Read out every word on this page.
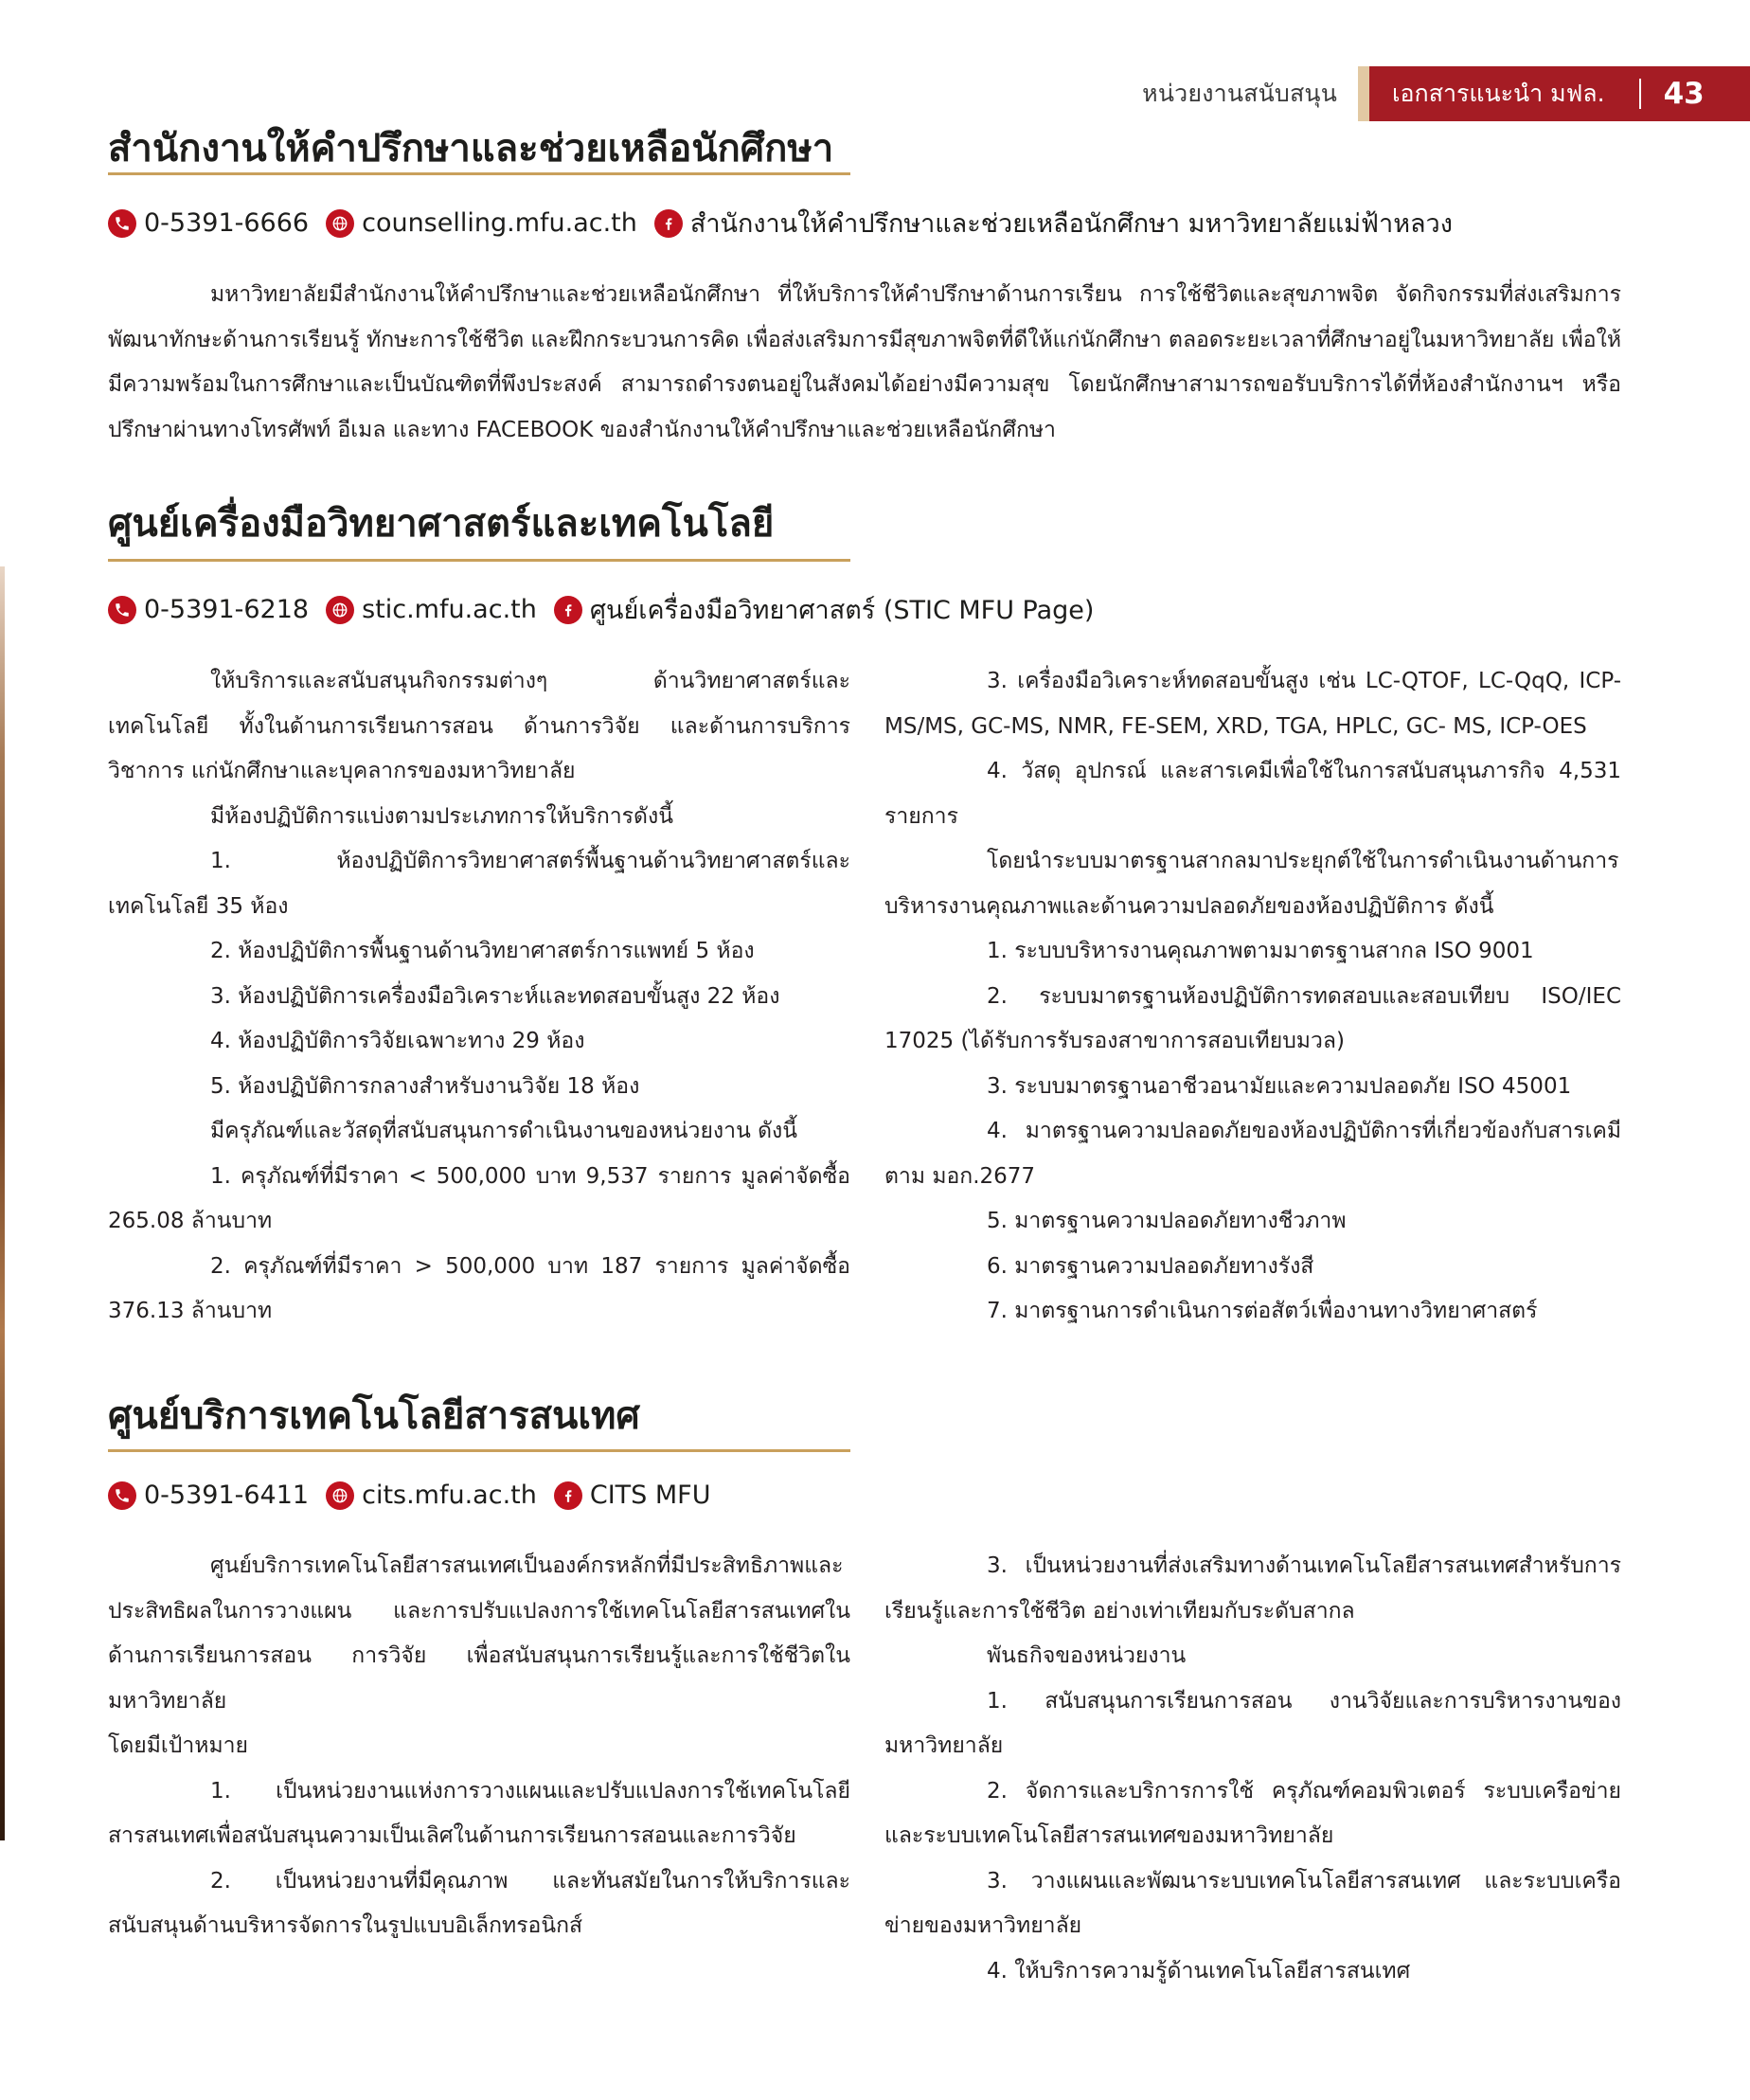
หน่วยงานสนับสนุน	เอกสารแนะนำ มฟล. 43
สำนักงานให้คำปรึกษาและช่วยเหลือนักศึกษา
0-5391-6666 counselling.mfu.ac.th สำนักงานให้คำปรึกษาและช่วยเหลือนักศึกษา มหาวิทยาลัยแม่ฟ้าหลวง

มหาวิทยาลัยมีสำนักงานให้คำปรึกษาและช่วยเหลือนักศึกษา ที่ให้บริการให้คำปรึกษาด้านการเรียน การใช้ชีวิตและสุขภาพจิต จัดกิจกรรมที่ส่งเสริมการพัฒนาทักษะด้านการเรียนรู้ ทักษะการใช้ชีวิต และฝึกกระบวนการคิด เพื่อส่งเสริมการมีสุขภาพจิตที่ดีให้แก่นักศึกษา ตลอดระยะเวลาที่ศึกษาอยู่ในมหาวิทยาลัย เพื่อให้มีความพร้อมในการศึกษาและเป็นบัณฑิตที่พึงประสงค์ สามารถดำรงตนอยู่ในสังคมได้อย่างมีความสุข โดยนักศึกษาสามารถขอรับบริการได้ที่ห้องสำนักงานฯ หรือปรึกษาผ่านทางโทรศัพท์ อีเมล และทาง FACEBOOK ของสำนักงานให้คำปรึกษาและช่วยเหลือนักศึกษา

ศูนย์เครื่องมือวิทยาศาสตร์และเทคโนโลยี
0-5391-6218 stic.mfu.ac.th ศูนย์เครื่องมือวิทยาศาสตร์ (STIC MFU Page)

ให้บริการและสนับสนุนกิจกรรมต่างๆ ด้านวิทยาศาสตร์และเทคโนโลยี ทั้งในด้านการเรียนการสอน ด้านการวิจัย และด้านการบริการวิชาการ แก่นักศึกษาและบุคลากรของมหาวิทยาลัย

มีห้องปฏิบัติการแบ่งตามประเภทการให้บริการดังนี้

1. ห้องปฏิบัติการวิทยาศาสตร์พื้นฐานด้านวิทยาศาสตร์และเทคโนโลยี 35 ห้อง

2. ห้องปฏิบัติการพื้นฐานด้านวิทยาศาสตร์การแพทย์ 5 ห้อง

3. ห้องปฏิบัติการเครื่องมือวิเคราะห์และทดสอบขั้นสูง 22 ห้อง

4. ห้องปฏิบัติการวิจัยเฉพาะทาง 29 ห้อง

5. ห้องปฏิบัติการกลางสำหรับงานวิจัย 18 ห้อง

มีครุภัณฑ์และวัสดุที่สนับสนุนการดำเนินงานของหน่วยงาน ดังนี้

1. ครุภัณฑ์ที่มีราคา < 500,000 บาท 9,537 รายการ มูลค่าจัดซื้อ 265.08 ล้านบาท

2. ครุภัณฑ์ที่มีราคา > 500,000 บาท 187 รายการ มูลค่าจัดซื้อ 376.13 ล้านบาท

3. เครื่องมือวิเคราะห์ทดสอบขั้นสูง เช่น LC-QTOF, LC-QqQ, ICP-MS/MS, GC-MS, NMR, FE-SEM, XRD, TGA, HPLC, GC- MS, ICP-OES

4. วัสดุ อุปกรณ์ และสารเคมีเพื่อใช้ในการสนับสนุนภารกิจ 4,531 รายการ

โดยนำระบบมาตรฐานสากลมาประยุกต์ใช้ในการดำเนินงานด้านการบริหารงานคุณภาพและด้านความปลอดภัยของห้องปฏิบัติการ ดังนี้

1. ระบบบริหารงานคุณภาพตามมาตรฐานสากล ISO 9001

2. ระบบมาตรฐานห้องปฏิบัติการทดสอบและสอบเทียบ ISO/IEC 17025 (ได้รับการรับรองสาขาการสอบเทียบมวล)

3. ระบบมาตรฐานอาชีวอนามัยและความปลอดภัย ISO 45001

4. มาตรฐานความปลอดภัยของห้องปฏิบัติการที่เกี่ยวข้องกับสารเคมีตาม มอก.2677

5. มาตรฐานความปลอดภัยทางชีวภาพ

6. มาตรฐานความปลอดภัยทางรังสี

7. มาตรฐานการดำเนินการต่อสัตว์เพื่องานทางวิทยาศาสตร์

ศูนย์บริการเทคโนโลยีสารสนเทศ
0-5391-6411 cits.mfu.ac.th CITS MFU

ศูนย์บริการเทคโนโลยีสารสนเทศเป็นองค์กรหลักที่มีประสิทธิภาพและประสิทธิผลในการวางแผน และการปรับแปลงการใช้เทคโนโลยีสารสนเทศในด้านการเรียนการสอน การวิจัย เพื่อสนับสนุนการเรียนรู้และการใช้ชีวิตในมหาวิทยาลัย

โดยมีเป้าหมาย

1. เป็นหน่วยงานแห่งการวางแผนและปรับแปลงการใช้เทคโนโลยีสารสนเทศเพื่อสนับสนุนความเป็นเลิศในด้านการเรียนการสอนและการวิจัย

2. เป็นหน่วยงานที่มีคุณภาพ และทันสมัยในการให้บริการและสนับสนุนด้านบริหารจัดการในรูปแบบอิเล็กทรอนิกส์

3. เป็นหน่วยงานที่ส่งเสริมทางด้านเทคโนโลยีสารสนเทศสำหรับการเรียนรู้และการใช้ชีวิต อย่างเท่าเทียมกับระดับสากล

พันธกิจของหน่วยงาน

1. สนับสนุนการเรียนการสอน งานวิจัยและการบริหารงานของมหาวิทยาลัย

2. จัดการและบริการการใช้ ครุภัณฑ์คอมพิวเตอร์ ระบบเครือข่ายและระบบเทคโนโลยีสารสนเทศของมหาวิทยาลัย

3. วางแผนและพัฒนาระบบเทคโนโลยีสารสนเทศ และระบบเครือข่ายของมหาวิทยาลัย

4. ให้บริการความรู้ด้านเทคโนโลยีสารสนเทศ
